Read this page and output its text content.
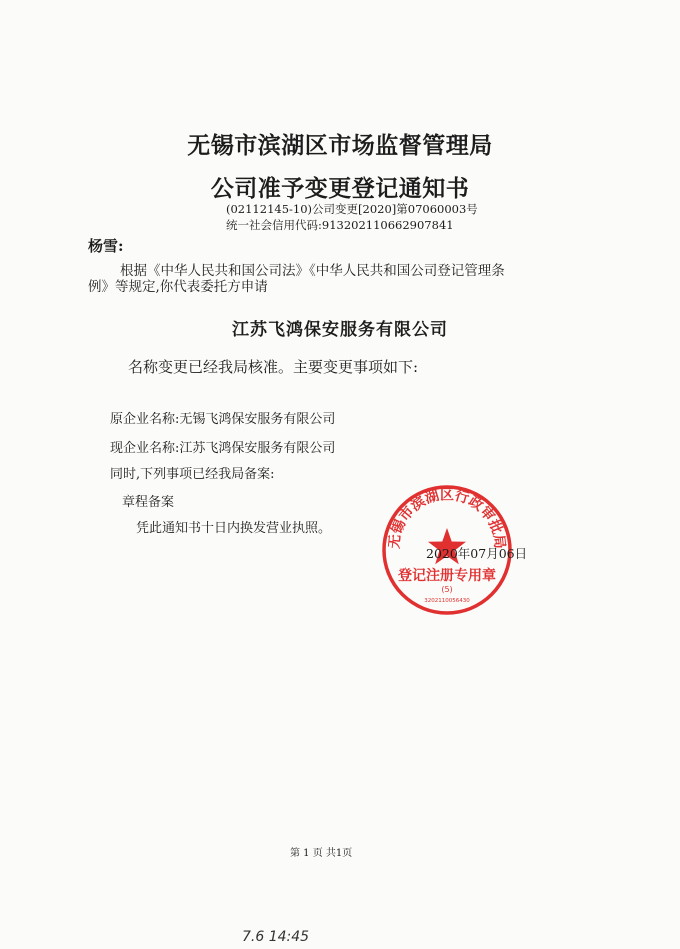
无锡市滨湖区市场监督管理局
公司准予变更登记通知书
(02112145-10)公司变更[2020]第07060003号
统一社会信用代码:91320211066290784​1
杨雪:
根据《中华人民共和国公司法》《中华人民共和国公司登记管理条
例》等规定,你代表委托方申请
江苏飞鸿保安服务有限公司
名称变更已经我局核准。主要变更事项如下:
原企业名称:无锡飞鸿保安服务有限公司
现企业名称:江苏飞鸿保安服务有限公司
同时,下列事项已经我局备案:
章程备案
凭此通知书十日内换发营业执照。
无锡市滨湖区行政审批局
登记注册专用章
(5)
3202110056430
2020年07月06日
第 1 页 共1页
7.6 14:45
